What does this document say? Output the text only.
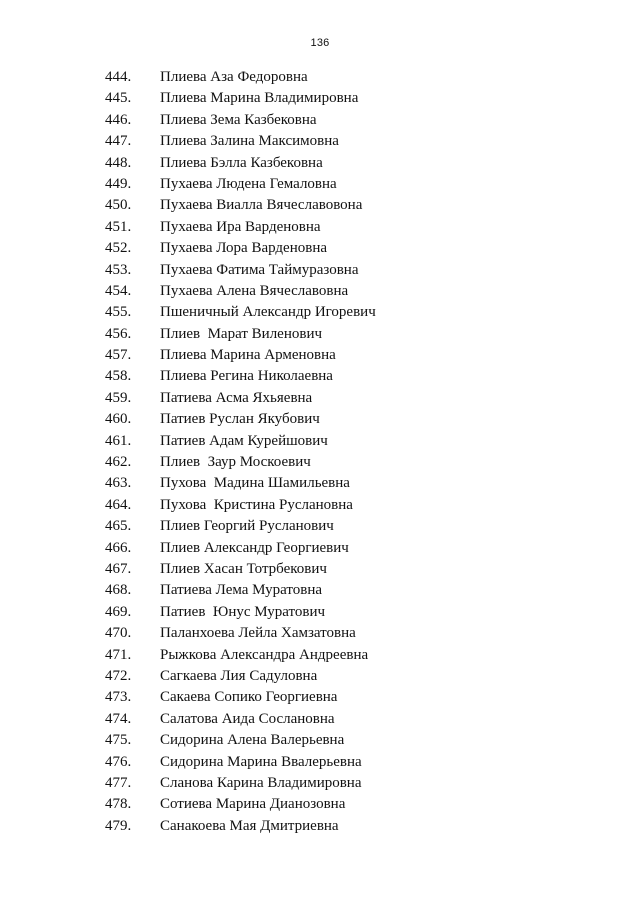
136
444. Плиева Аза Федоровна
445. Плиева Марина Владимировна
446. Плиева Зема Казбековна
447. Плиева Залина Максимовна
448. Плиева Бэлла Казбековна
449. Пухаева Людена Гемаловна
450. Пухаева Виалла Вячеславовона
451. Пухаева Ира Варденовна
452. Пухаева Лора Варденовна
453. Пухаева Фатима Таймуразовна
454. Пухаева Алена Вячеславовна
455. Пшеничный Александр Игоревич
456. Плиев  Марат Виленович
457. Плиева Марина Арменовна
458. Плиева Регина Николаевна
459. Патиева Асма Яхьяевна
460. Патиев Руслан Якубович
461. Патиев Адам Курейшович
462. Плиев  Заур Москоевич
463. Пухова  Мадина Шамильевна
464. Пухова  Кристина Руслановна
465. Плиев Георгий Русланович
466. Плиев Александр Георгиевич
467. Плиев Хасан Тотрбекович
468. Патиева Лема Муратовна
469. Патиев  Юнус Муратович
470. Паланхоева Лейла Хамзатовна
471. Рыжкова Александра Андреевна
472. Сагкаева Лия Садуловна
473. Сакаева Сопико Георгиевна
474. Салатова Аида Сослановна
475. Сидорина Алена Валерьевна
476. Сидорина Марина Ввалерьевна
477. Сланова Карина Владимировна
478. Сотиева Марина Дианозовна
479. Санакоева Мая Дмитриевна
